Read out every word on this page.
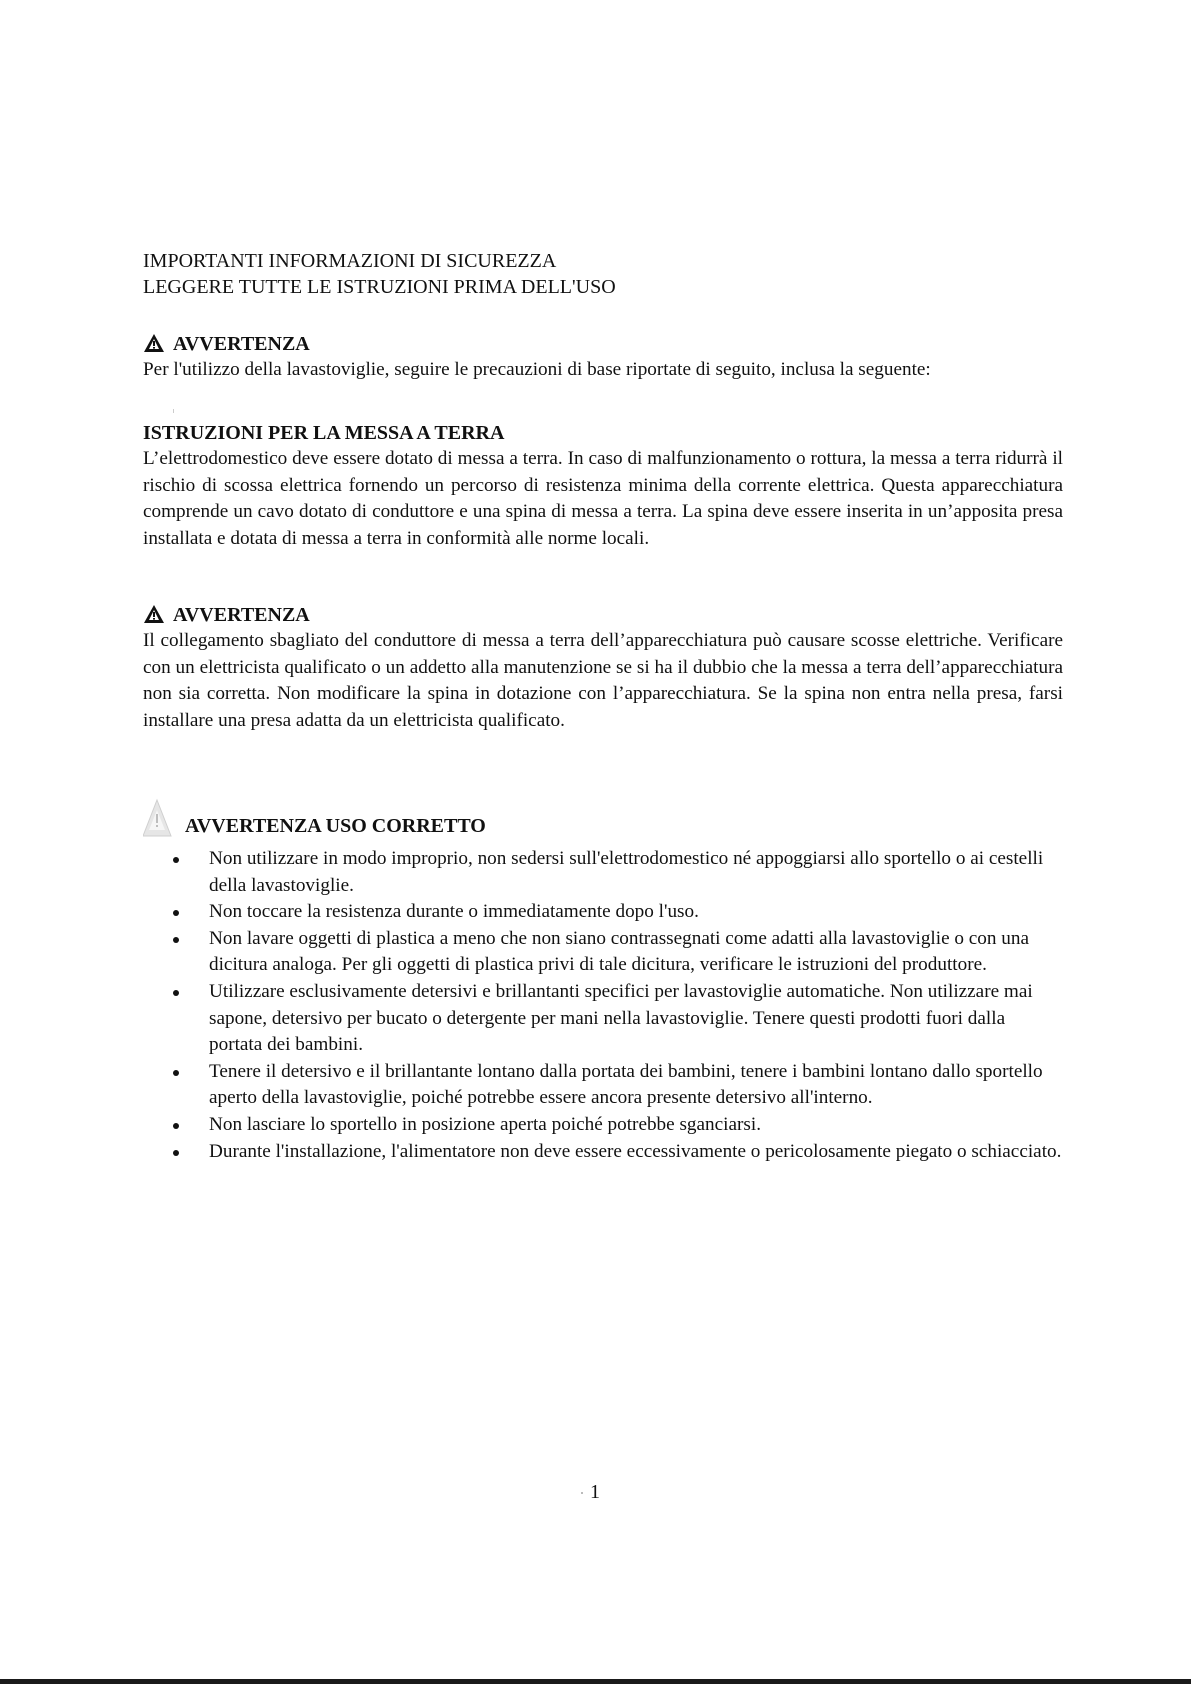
IMPORTANTI INFORMAZIONI DI SICUREZZA
LEGGERE TUTTE LE ISTRUZIONI PRIMA DELL'USO
AVVERTENZA
Per l'utilizzo della lavastoviglie, seguire le precauzioni di base riportate di seguito, inclusa la seguente:
ISTRUZIONI PER LA MESSA A TERRA
L’elettrodomestico deve essere dotato di messa a terra. In caso di malfunzionamento o rottura, la messa a terra ridurrà il rischio di scossa elettrica fornendo un percorso di resistenza minima della corrente elettrica. Questa apparecchiatura comprende un cavo dotato di conduttore e una spina di messa a terra. La spina deve essere inserita in un’apposita presa installata e dotata di messa a terra in conformità alle norme locali.
AVVERTENZA
Il collegamento sbagliato del conduttore di messa a terra dell’apparecchiatura può causare scosse elettriche. Verificare con un elettricista qualificato o un addetto alla manutenzione se si ha il dubbio che la messa a terra dell’apparecchiatura non sia corretta. Non modificare la spina in dotazione con l’apparecchiatura. Se la spina non entra nella presa, farsi installare una presa adatta da un elettricista qualificato.
AVVERTENZA USO CORRETTO
Non utilizzare in modo improprio, non sedersi sull'elettrodomestico né appoggiarsi allo sportello o ai cestelli della lavastoviglie.
Non toccare la resistenza durante o immediatamente dopo l'uso.
Non lavare oggetti di plastica a meno che non siano contrassegnati come adatti alla lavastoviglie o con una dicitura analoga. Per gli oggetti di plastica privi di tale dicitura, verificare le istruzioni del produttore.
Utilizzare esclusivamente detersivi e brillantanti specifici per lavastoviglie automatiche. Non utilizzare mai sapone, detersivo per bucato o detergente per mani nella lavastoviglie. Tenere questi prodotti fuori dalla portata dei bambini.
Tenere il detersivo e il brillantante lontano dalla portata dei bambini, tenere i bambini lontano dallo sportello aperto della lavastoviglie, poiché potrebbe essere ancora presente detersivo all'interno.
Non lasciare lo sportello in posizione aperta poiché potrebbe sganciarsi.
Durante l'installazione, l'alimentatore non deve essere eccessivamente o pericolosamente piegato o schiacciato.
1
